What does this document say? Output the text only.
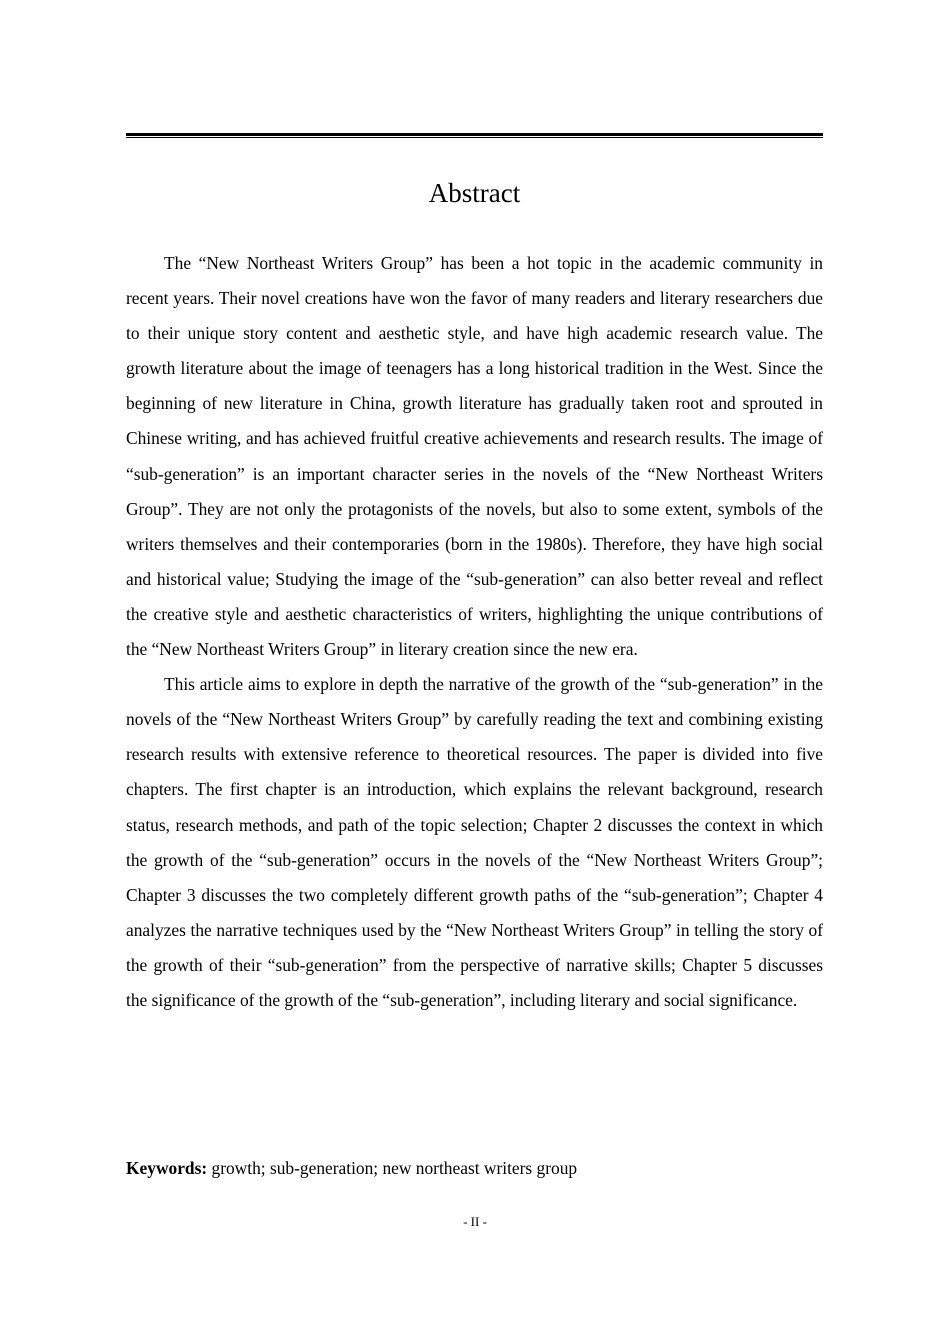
Abstract

The “New Northeast Writers Group” has been a hot topic in the academic community in recent years. Their novel creations have won the favor of many readers and literary researchers due to their unique story content and aesthetic style, and have high academic research value. The growth literature about the image of teenagers has a long historical tradition in the West. Since the beginning of new literature in China, growth literature has gradually taken root and sprouted in Chinese writing, and has achieved fruitful creative achievements and research results. The image of “sub-generation” is an important character series in the novels of the “New Northeast Writers Group”. They are not only the protagonists of the novels, but also to some extent, symbols of the writers themselves and their contemporaries (born in the 1980s). Therefore, they have high social and historical value; Studying the image of the “sub-generation” can also better reveal and reflect the creative style and aesthetic characteristics of writers, highlighting the unique contributions of the “New Northeast Writers Group” in literary creation since the new era.

This article aims to explore in depth the narrative of the growth of the “sub-generation” in the novels of the “New Northeast Writers Group” by carefully reading the text and combining existing research results with extensive reference to theoretical resources. The paper is divided into five chapters. The first chapter is an introduction, which explains the relevant background, research status, research methods, and path of the topic selection; Chapter 2 discusses the context in which the growth of the “sub-generation” occurs in the novels of the “New Northeast Writers Group”; Chapter 3 discusses the two completely different growth paths of the “sub-generation”; Chapter 4 analyzes the narrative techniques used by the “New Northeast Writers Group” in telling the story of the growth of their “sub-generation” from the perspective of narrative skills; Chapter 5 discusses the significance of the growth of the “sub-generation”, including literary and social significance.

Keywords: growth; sub-generation; new northeast writers group

- II -
